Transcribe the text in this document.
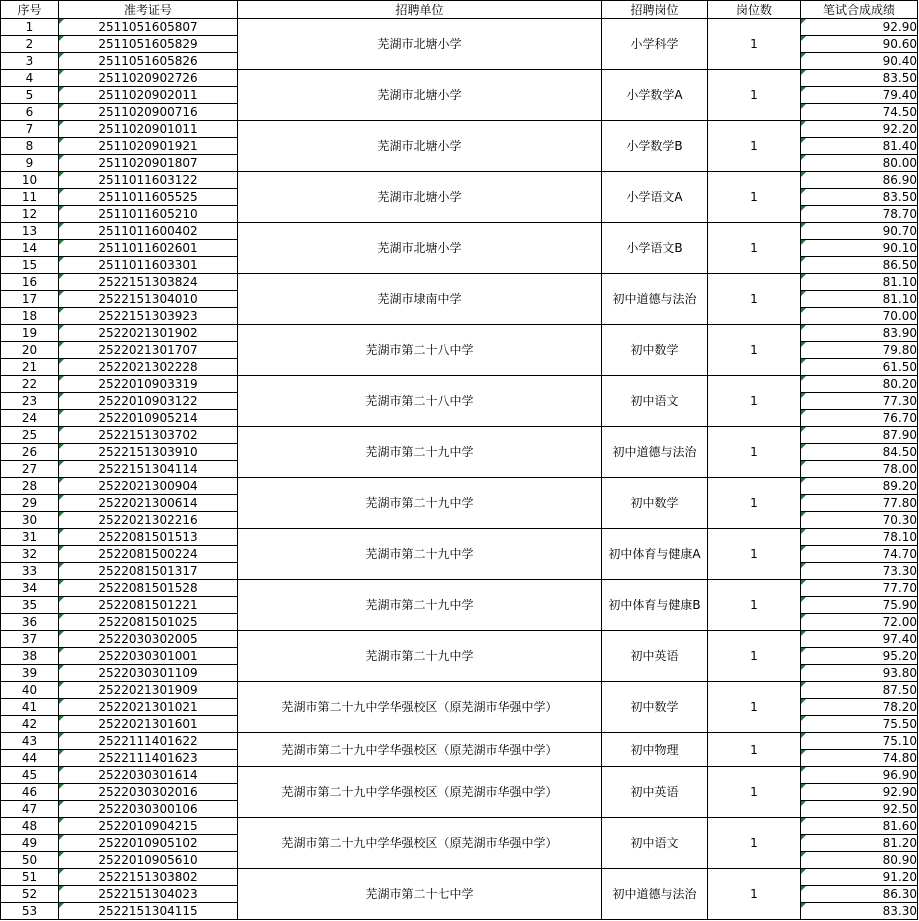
序号	准考证号	招聘单位	招聘岗位	岗位数	笔试合成成绩
1	2511051605807	芜湖市北塘小学	小学科学	1	92.90
2	2511051605829				90.60
3	2511051605826				90.40
4	2511020902726	芜湖市北塘小学	小学数学A	1	83.50
5	2511020902011				79.40
6	2511020900716				74.50
7	2511020901011	芜湖市北塘小学	小学数学B	1	92.20
8	2511020901921				81.40
9	2511020901807				80.00
10	2511011603122	芜湖市北塘小学	小学语文A	1	86.90
11	2511011605525				83.50
12	2511011605210				78.70
13	2511011600402	芜湖市北塘小学	小学语文B	1	90.70
14	2511011602601				90.10
15	2511011603301				86.50
16	2522151303824	芜湖市埭南中学	初中道德与法治	1	81.10
17	2522151304010				81.10
18	2522151303923				70.00
19	2522021301902	芜湖市第二十八中学	初中数学	1	83.90
20	2522021301707				79.80
21	2522021302228				61.50
22	2522010903319	芜湖市第二十八中学	初中语文	1	80.20
23	2522010903122				77.30
24	2522010905214				76.70
25	2522151303702	芜湖市第二十九中学	初中道德与法治	1	87.90
26	2522151303910				84.50
27	2522151304114				78.00
28	2522021300904	芜湖市第二十九中学	初中数学	1	89.20
29	2522021300614				77.80
30	2522021302216				70.30
31	2522081501513	芜湖市第二十九中学	初中体育与健康A	1	78.10
32	2522081500224				74.70
33	2522081501317				73.30
34	2522081501528	芜湖市第二十九中学	初中体育与健康B	1	77.70
35	2522081501221				75.90
36	2522081501025				72.00
37	2522030302005	芜湖市第二十九中学	初中英语	1	97.40
38	2522030301001				95.20
39	2522030301109				93.80
40	2522021301909	芜湖市第二十九中学华强校区（原芜湖市华强中学）	初中数学	1	87.50
41	2522021301021				78.20
42	2522021301601				75.50
43	2522111401622	芜湖市第二十九中学华强校区（原芜湖市华强中学）	初中物理	1	75.10
44	2522111401623				74.80
45	2522030301614	芜湖市第二十九中学华强校区（原芜湖市华强中学）	初中英语	1	96.90
46	2522030302016				92.90
47	2522030300106				92.50
48	2522010904215	芜湖市第二十九中学华强校区（原芜湖市华强中学）	初中语文	1	81.60
49	2522010905102				81.20
50	2522010905610				80.90
51	2522151303802	芜湖市第二十七中学	初中道德与法治	1	91.20
52	2522151304023				86.30
53	2522151304115				83.30
